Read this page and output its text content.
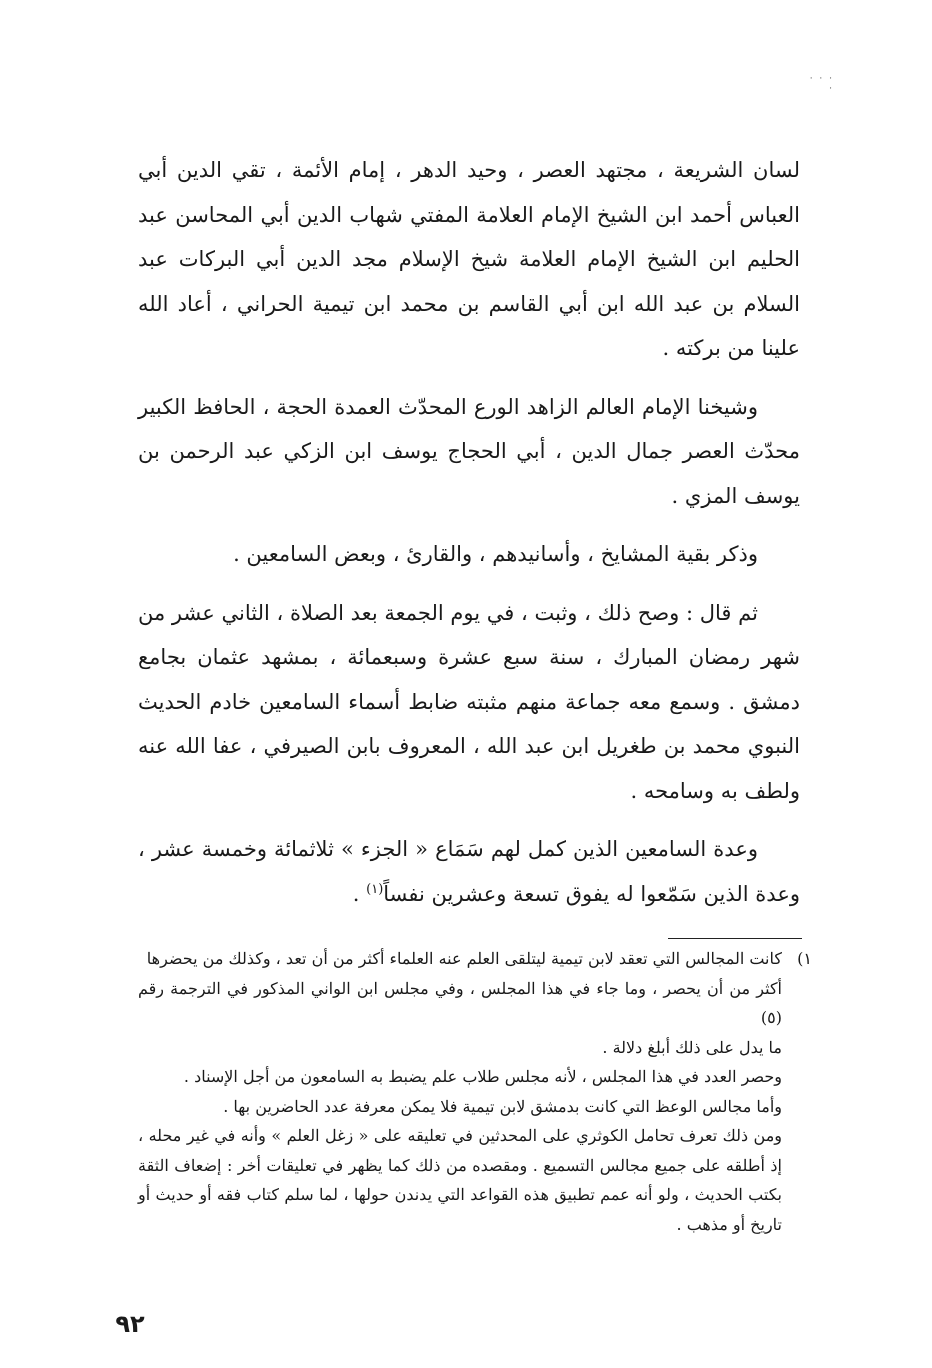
· · · ·

لسان الشريعة ، مجتهد العصر ، وحيد الدهر ، إمام الأئمة ، تقي الدين أبي العباس أحمد ابن الشيخ الإمام العلامة المفتي شهاب الدين أبي المحاسن عبد الحليم ابن الشيخ الإمام العلامة شيخ الإسلام مجد الدين أبي البركات عبد السلام بن عبد الله ابن أبي القاسم بن محمد ابن تيمية الحراني ، أعاد الله علينا من بركته .

وشيخنا الإمام العالم الزاهد الورع المحدّث العمدة الحجة ، الحافظ الكبير محدّث العصر جمال الدين ، أبي الحجاج يوسف ابن الزكي عبد الرحمن بن يوسف المزي .

وذكر بقية المشايخ ، وأسانيدهم ، والقارئ ، وبعض السامعين .

ثم قال : وصح ذلك ، وثبت ، في يوم الجمعة بعد الصلاة ، الثاني عشر من شهر رمضان المبارك ، سنة سبع عشرة وسبعمائة ، بمشهد عثمان بجامع دمشق . وسمع معه جماعة منهم مثبته ضابط أسماء السامعين خادم الحديث النبوي محمد بن طغريل ابن عبد الله ، المعروف بابن الصيرفي ، عفا الله عنه ولطف به وسامحه .

وعدة السامعين الذين كمل لهم سَمَاع « الجزء » ثلاثمائة وخمسة عشر ، وعدة الذين سَمّعوا له يفوق تسعة وعشرين نفساً$^{(١)}$ .

١)

كانت المجالس التي تعقد لابن تيمية ليتلقى العلم عنه العلماء أكثر من أن تعد ، وكذلك من يحضرها

أكثر من أن يحصر ، وما جاء في هذا المجلس ، وفي مجلس ابن الواني المذكور في الترجمة رقم (٥)

ما يدل على ذلك أبلغ دلالة .

وحصر العدد في هذا المجلس ، لأنه مجلس طلاب علم يضبط به السامعون من أجل الإسناد .

وأما مجالس الوعظ التي كانت بدمشق لابن تيمية فلا يمكن معرفة عدد الحاضرين بها .

ومن ذلك تعرف تحامل الكوثري على المحدثين في تعليقه على « زغل العلم » وأنه في غير محله ، إذ أطلقه على جميع مجالس التسميع . ومقصده من ذلك كما يظهر في تعليقات أخر : إضعاف الثقة بكتب الحديث ، ولو أنه عمم تطبيق هذه القواعد التي يدندن حولها ، لما سلم كتاب فقه أو حديث أو تاريخ أو مذهب .

٩٢
